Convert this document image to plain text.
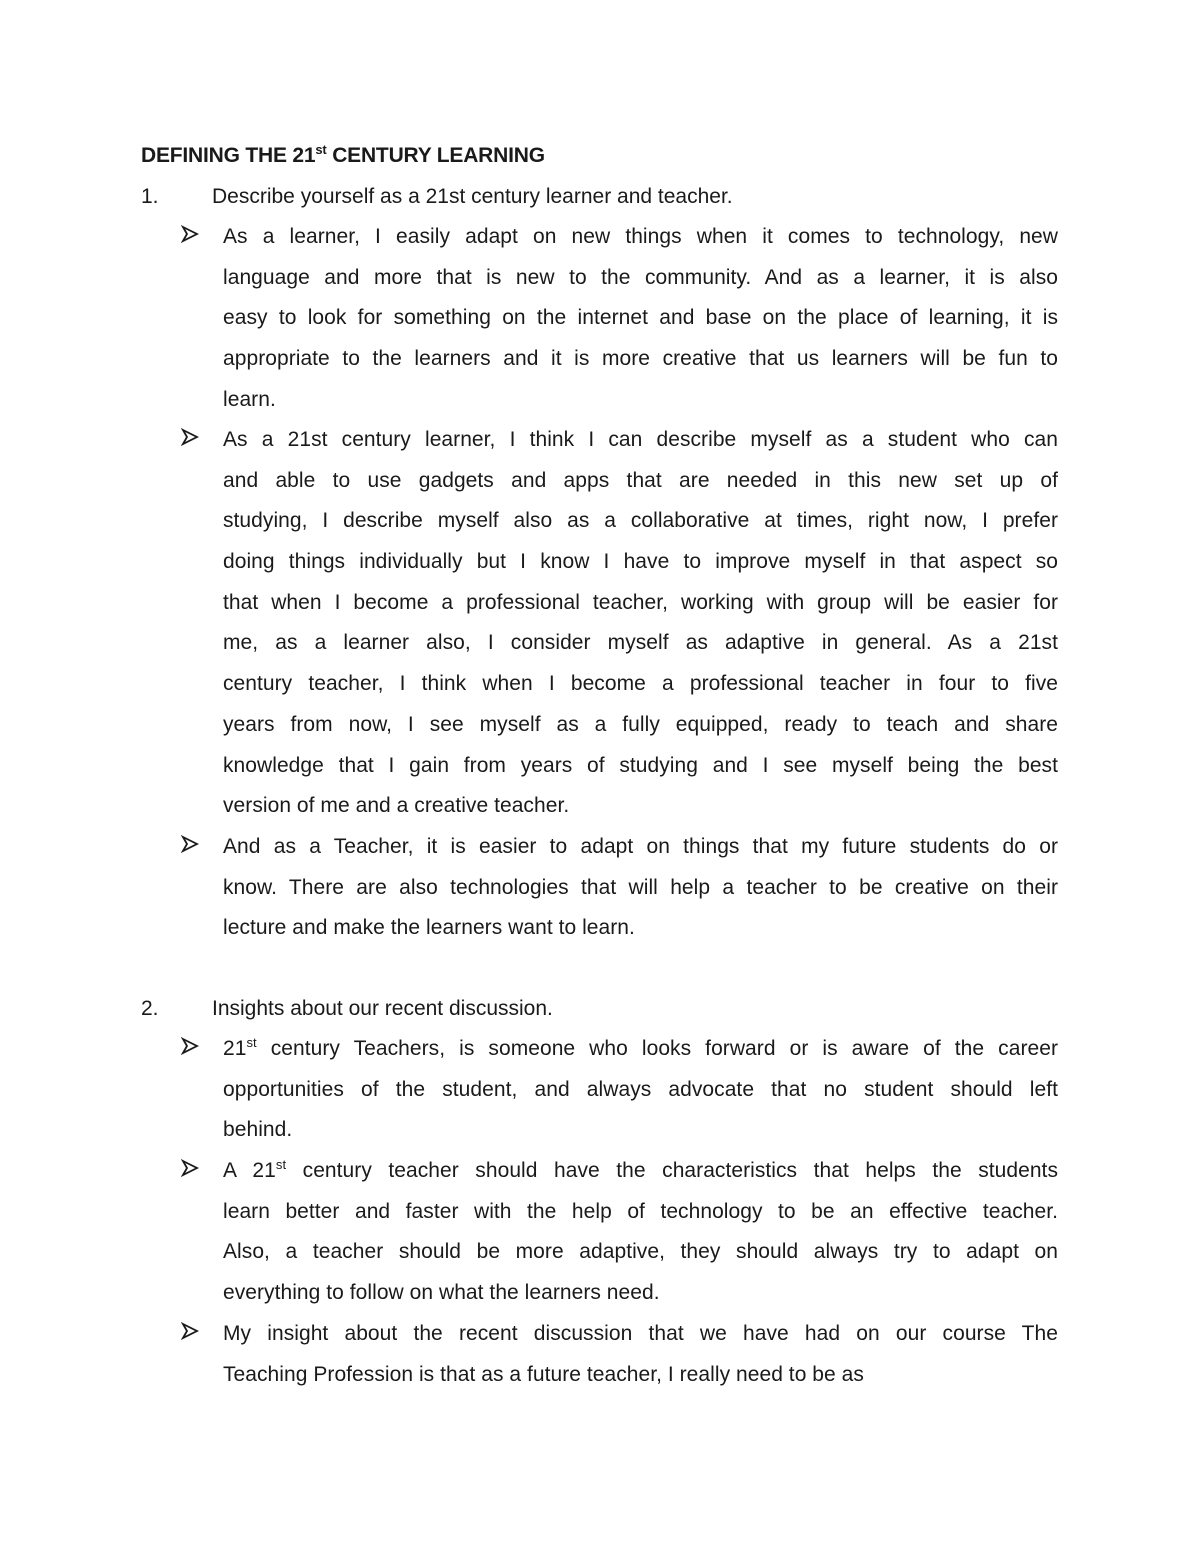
DEFINING THE 21st CENTURY LEARNING
1.	Describe yourself as a 21st century learner and teacher.
As a learner, I easily adapt on new things when it comes to technology, new
language and more that is new to the community. And as a learner, it is also
easy to look for something on the internet and base on the place of learning, it is
appropriate to the learners and it is more creative that us learners will be fun to
learn.
As a 21st century learner, I think I can describe myself as a student who can
and able to use gadgets and apps that are needed in this new set up of
studying, I describe myself also as a collaborative at times, right now, I prefer
doing things individually but I know I have to improve myself in that aspect so
that when I become a professional teacher, working with group will be easier for
me, as a learner also, I consider myself as adaptive in general. As a 21st
century teacher, I think when I become a professional teacher in four to five
years from now, I see myself as a fully equipped, ready to teach and share
knowledge that I gain from years of studying and I see myself being the best
version of me and a creative teacher.
And as a Teacher, it is easier to adapt on things that my future students do or
know. There are also technologies that will help a teacher to be creative on their
lecture and make the learners want to learn.
2.	Insights about our recent discussion.
21st century Teachers, is someone who looks forward or is aware of the career
opportunities of the student, and always advocate that no student should left
behind.
A 21st century teacher should have the characteristics that helps the students
learn better and faster with the help of technology to be an effective teacher.
Also, a teacher should be more adaptive, they should always try to adapt on
everything to follow on what the learners need.
My insight about the recent discussion that we have had on our course The
Teaching Profession is that as a future teacher, I really need to be as
